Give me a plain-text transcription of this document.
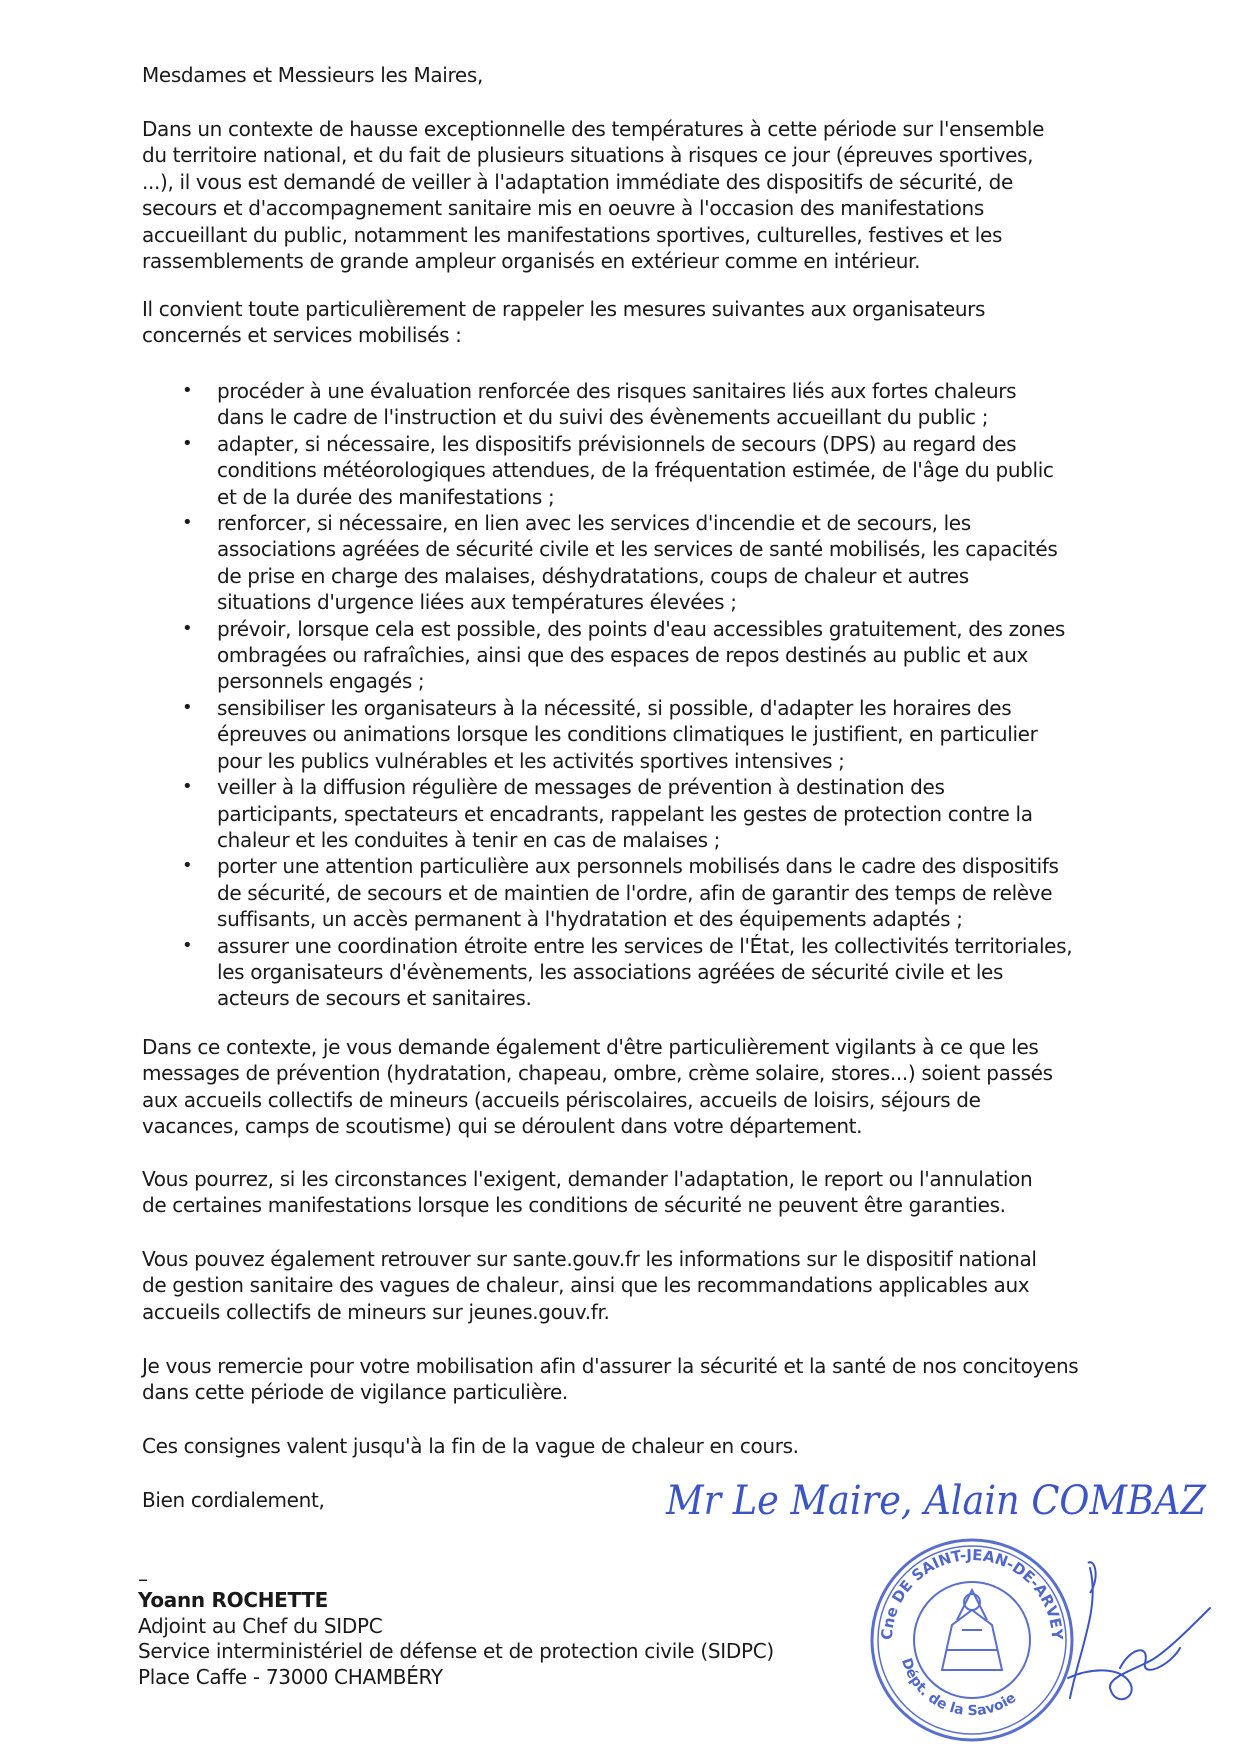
Mesdames et Messieurs les Maires,

Dans un contexte de hausse exceptionnelle des températures à cette période sur l'ensemble
du territoire national, et du fait de plusieurs situations à risques ce jour (épreuves sportives,
...), il vous est demandé de veiller à l'adaptation immédiate des dispositifs de sécurité, de
secours et d'accompagnement sanitaire mis en oeuvre à l'occasion des manifestations
accueillant du public, notamment les manifestations sportives, culturelles, festives et les
rassemblements de grande ampleur organisés en extérieur comme en intérieur.
Il convient toute particulièrement de rappeler les mesures suivantes aux organisateurs
concernés et services mobilisés :
• procéder à une évaluation renforcée des risques sanitaires liés aux fortes chaleurs
dans le cadre de l'instruction et du suivi des évènements accueillant du public ;
• adapter, si nécessaire, les dispositifs prévisionnels de secours (DPS) au regard des
conditions météorologiques attendues, de la fréquentation estimée, de l'âge du public
et de la durée des manifestations ;
• renforcer, si nécessaire, en lien avec les services d'incendie et de secours, les
associations agréées de sécurité civile et les services de santé mobilisés, les capacités
de prise en charge des malaises, déshydratations, coups de chaleur et autres
situations d'urgence liées aux températures élevées ;
• prévoir, lorsque cela est possible, des points d'eau accessibles gratuitement, des zones
ombragées ou rafraîchies, ainsi que des espaces de repos destinés au public et aux
personnels engagés ;
• sensibiliser les organisateurs à la nécessité, si possible, d'adapter les horaires des
épreuves ou animations lorsque les conditions climatiques le justifient, en particulier
pour les publics vulnérables et les activités sportives intensives ;
• veiller à la diffusion régulière de messages de prévention à destination des
participants, spectateurs et encadrants, rappelant les gestes de protection contre la
chaleur et les conduites à tenir en cas de malaises ;
• porter une attention particulière aux personnels mobilisés dans le cadre des dispositifs
de sécurité, de secours et de maintien de l'ordre, afin de garantir des temps de relève
suffisants, un accès permanent à l'hydratation et des équipements adaptés ;
• assurer une coordination étroite entre les services de l'État, les collectivités territoriales,
les organisateurs d'évènements, les associations agréées de sécurité civile et les
acteurs de secours et sanitaires.
Dans ce contexte, je vous demande également d'être particulièrement vigilants à ce que les
messages de prévention (hydratation, chapeau, ombre, crème solaire, stores...) soient passés
aux accueils collectifs de mineurs (accueils périscolaires, accueils de loisirs, séjours de
vacances, camps de scoutisme) qui se déroulent dans votre département.
Vous pourrez, si les circonstances l'exigent, demander l'adaptation, le report ou l'annulation
de certaines manifestations lorsque les conditions de sécurité ne peuvent être garanties.
Vous pouvez également retrouver sur sante.gouv.fr les informations sur le dispositif national
de gestion sanitaire des vagues de chaleur, ainsi que les recommandations applicables aux
accueils collectifs de mineurs sur jeunes.gouv.fr.
Je vous remercie pour votre mobilisation afin d'assurer la sécurité et la santé de nos concitoyens
dans cette période de vigilance particulière.

Ces consignes valent jusqu'à la fin de la vague de chaleur en cours.

Bien cordialement,

–
Yoann ROCHETTE
Adjoint au Chef du SIDPC
Service interministériel de défense et de protection civile (SIDPC)
Place Caffe - 73000 CHAMBÉRY
Mr Le Maire, Alain COMBAZ
Cne DE SAINT-JEAN-DE-ARVEY
Dépt. de la Savoie
